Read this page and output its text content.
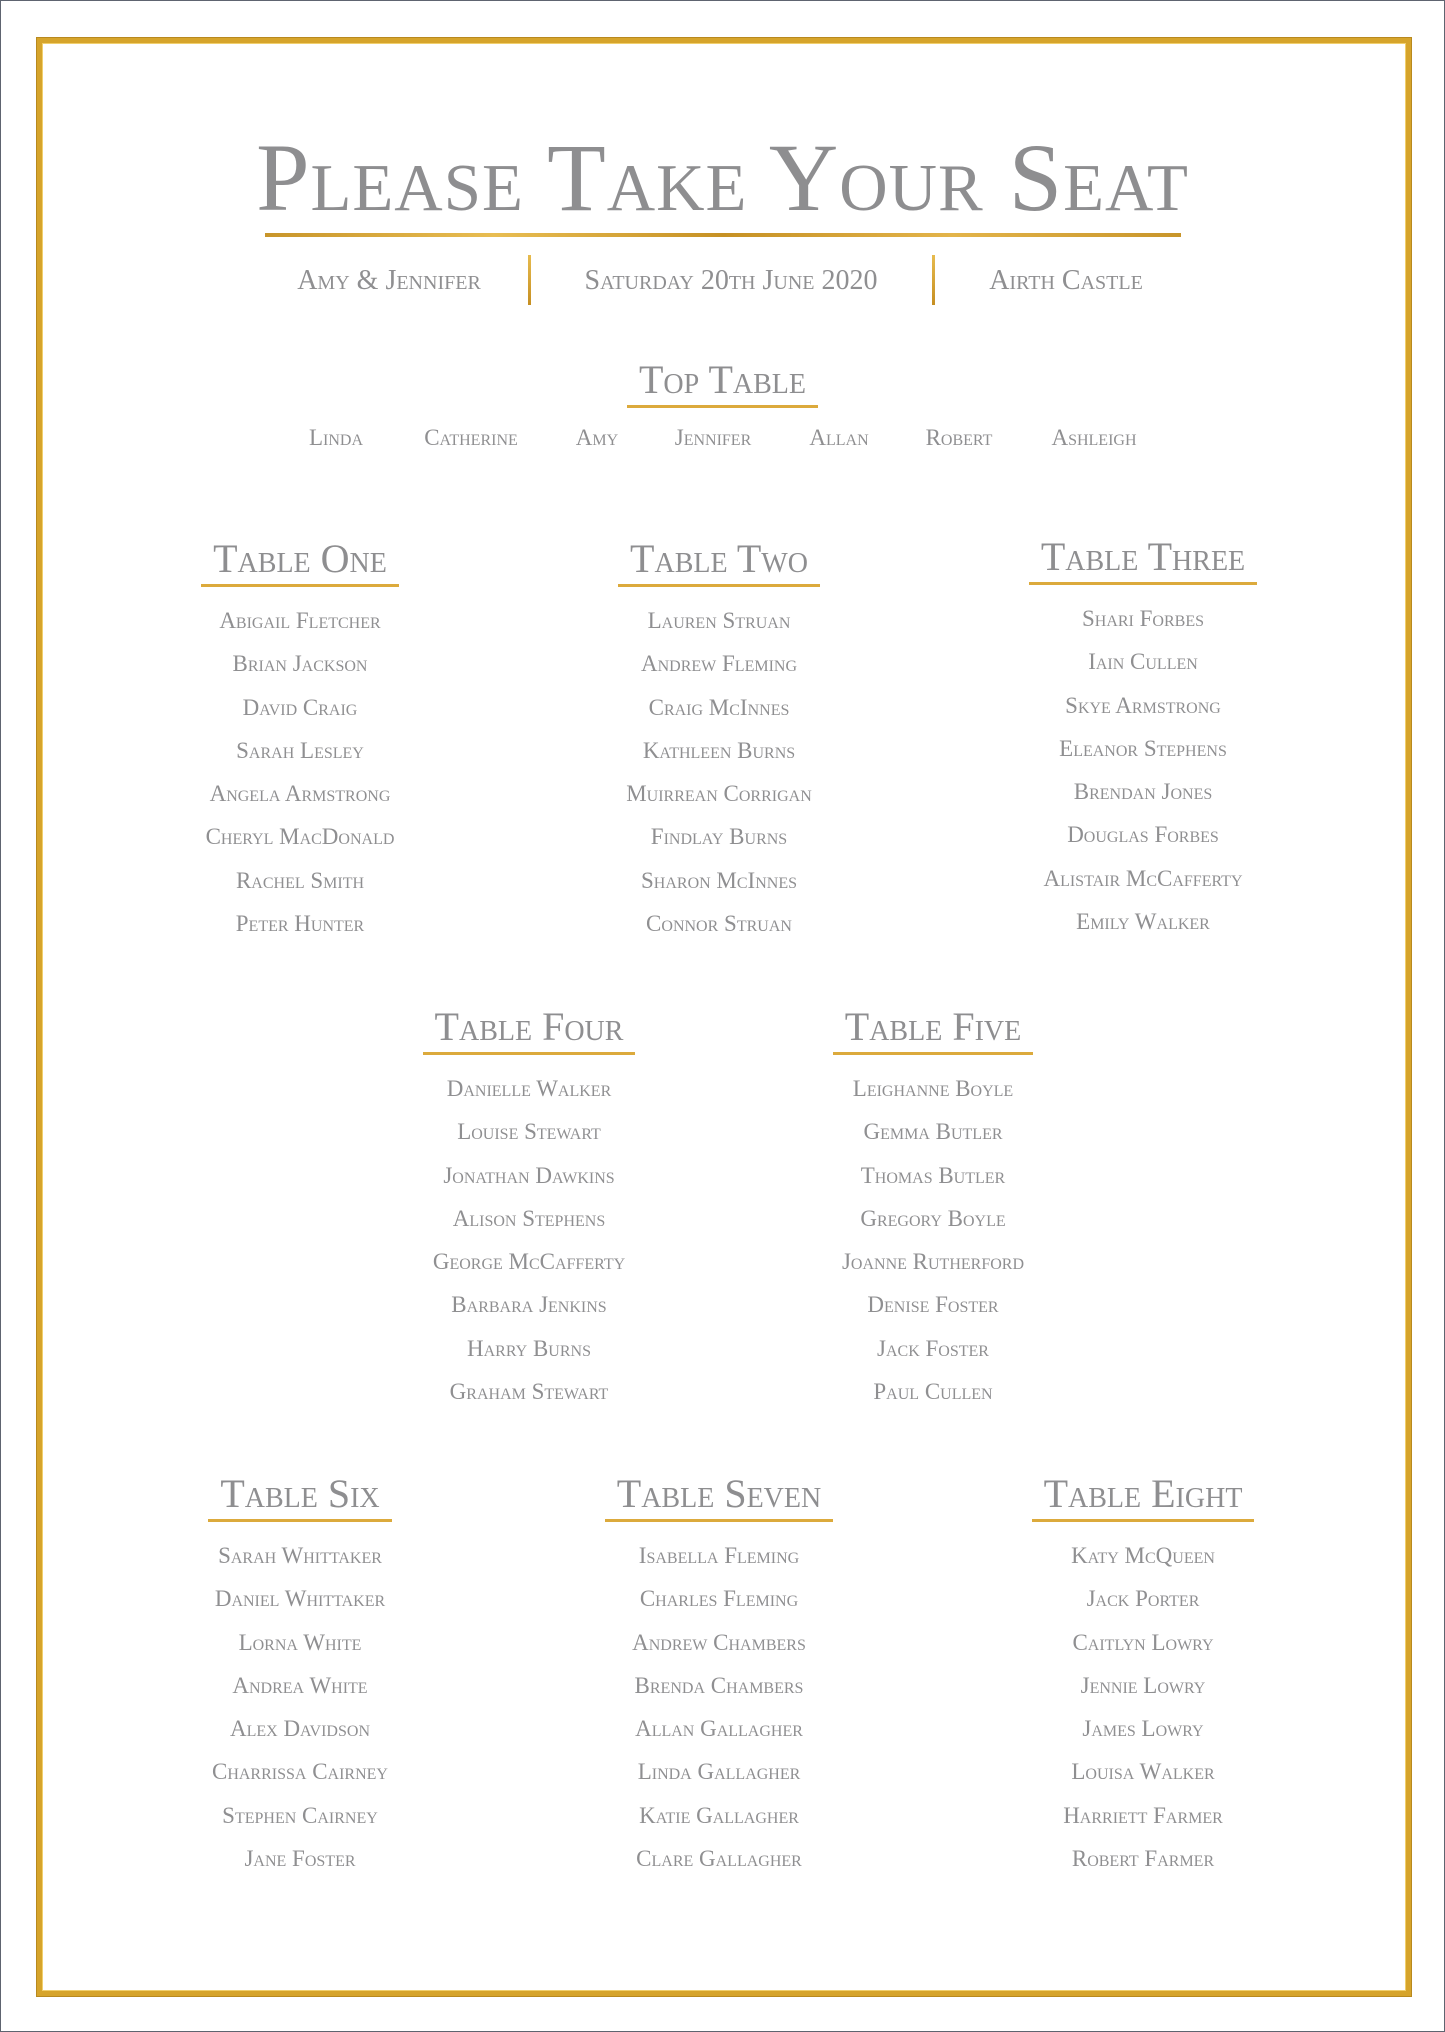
Please Take Your Seat
Amy & Jennifer	Saturday 20th June 2020	Airth Castle
Top Table
Linda	Catherine	Amy Jennifer	Allan Robert	Ashleigh
Table One
Abigail Fletcher
Brian Jackson
David Craig
Sarah Lesley
Angela Armstrong
Cheryl MacDonald
Rachel Smith
Peter Hunter
Table Two
Lauren Struan
Andrew Fleming
Craig McInnes
Kathleen Burns
Muirrean Corrigan
Findlay Burns
Sharon McInnes
Connor Struan
Table Three
Shari Forbes
Iain Cullen
Skye Armstrong
Eleanor Stephens
Brendan Jones
Douglas Forbes
Alistair McCafferty
Emily Walker
Table Four
Danielle Walker
Louise Stewart
Jonathan Dawkins
Alison Stephens
George McCafferty
Barbara Jenkins
Harry Burns
Graham Stewart
Table Five
Leighanne Boyle
Gemma Butler
Thomas Butler
Gregory Boyle
Joanne Rutherford
Denise Foster
Jack Foster
Paul Cullen
Table Six
Sarah Whittaker
Daniel Whittaker
Lorna White
Andrea White
Alex Davidson
Charrissa Cairney
Stephen Cairney
Jane Foster
Table Seven
Isabella Fleming
Charles Fleming
Andrew Chambers
Brenda Chambers
Allan Gallagher
Linda Gallagher
Katie Gallagher
Clare Gallagher
Table Eight
Katy McQueen
Jack Porter
Caitlyn Lowry
Jennie Lowry
James Lowry
Louisa Walker
Harriett Farmer
Robert Farmer
